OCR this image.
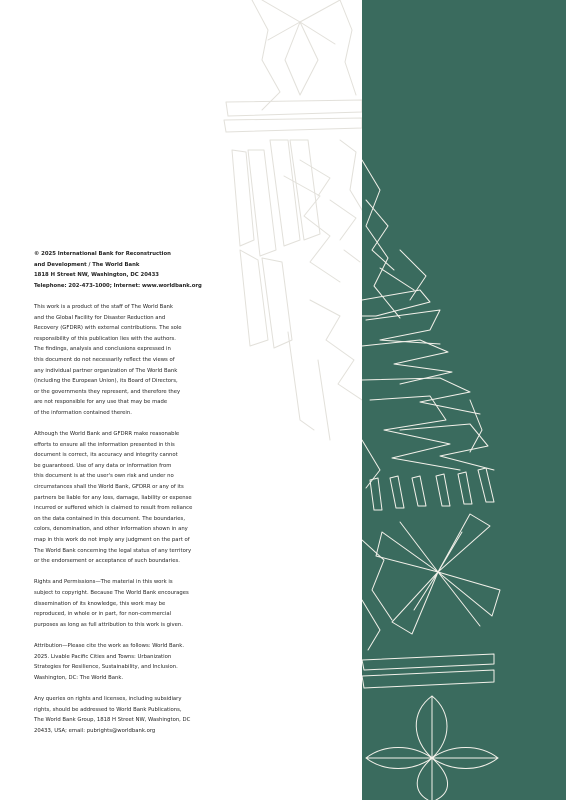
© 2025 International Bank for Reconstruction
and Development / The World Bank
1818 H Street NW, Washington, DC 20433
Telephone: 202-473-1000; Internet: www.worldbank.org

This work is a product of the staff of The World Bank
and the Global Facility for Disaster Reduction and
Recovery (GFDRR) with external contributions. The sole
responsibility of this publication lies with the authors.
The findings, analysis and conclusions expressed in
this document do not necessarily reflect the views of
any individual partner organization of The World Bank
(including the European Union), its Board of Directors,
or the governments they represent, and therefore they
are not responsible for any use that may be made
of the information contained therein.

Although the World Bank and GFDRR make reasonable
efforts to ensure all the information presented in this
document is correct, its accuracy and integrity cannot
be guaranteed. Use of any data or information from
this document is at the user's own risk and under no
circumstances shall the World Bank, GFDRR or any of its
partners be liable for any loss, damage, liability or expense
incurred or suffered which is claimed to result from reliance
on the data contained in this document. The boundaries,
colors, denomination, and other information shown in any
map in this work do not imply any judgment on the part of
The World Bank concerning the legal status of any territory
or the endorsement or acceptance of such boundaries.

Rights and Permissions—The material in this work is
subject to copyright. Because The World Bank encourages
dissemination of its knowledge, this work may be
reproduced, in whole or in part, for non-commercial
purposes as long as full attribution to this work is given.

Attribution—Please cite the work as follows: World Bank.
2025. Livable Pacific Cities and Towns: Urbanization
Strategies for Resilience, Sustainability, and Inclusion.
Washington, DC: The World Bank.

Any queries on rights and licenses, including subsidiary
rights, should be addressed to World Bank Publications,
The World Bank Group, 1818 H Street NW, Washington, DC
20433, USA; email: pubrights@worldbank.org
